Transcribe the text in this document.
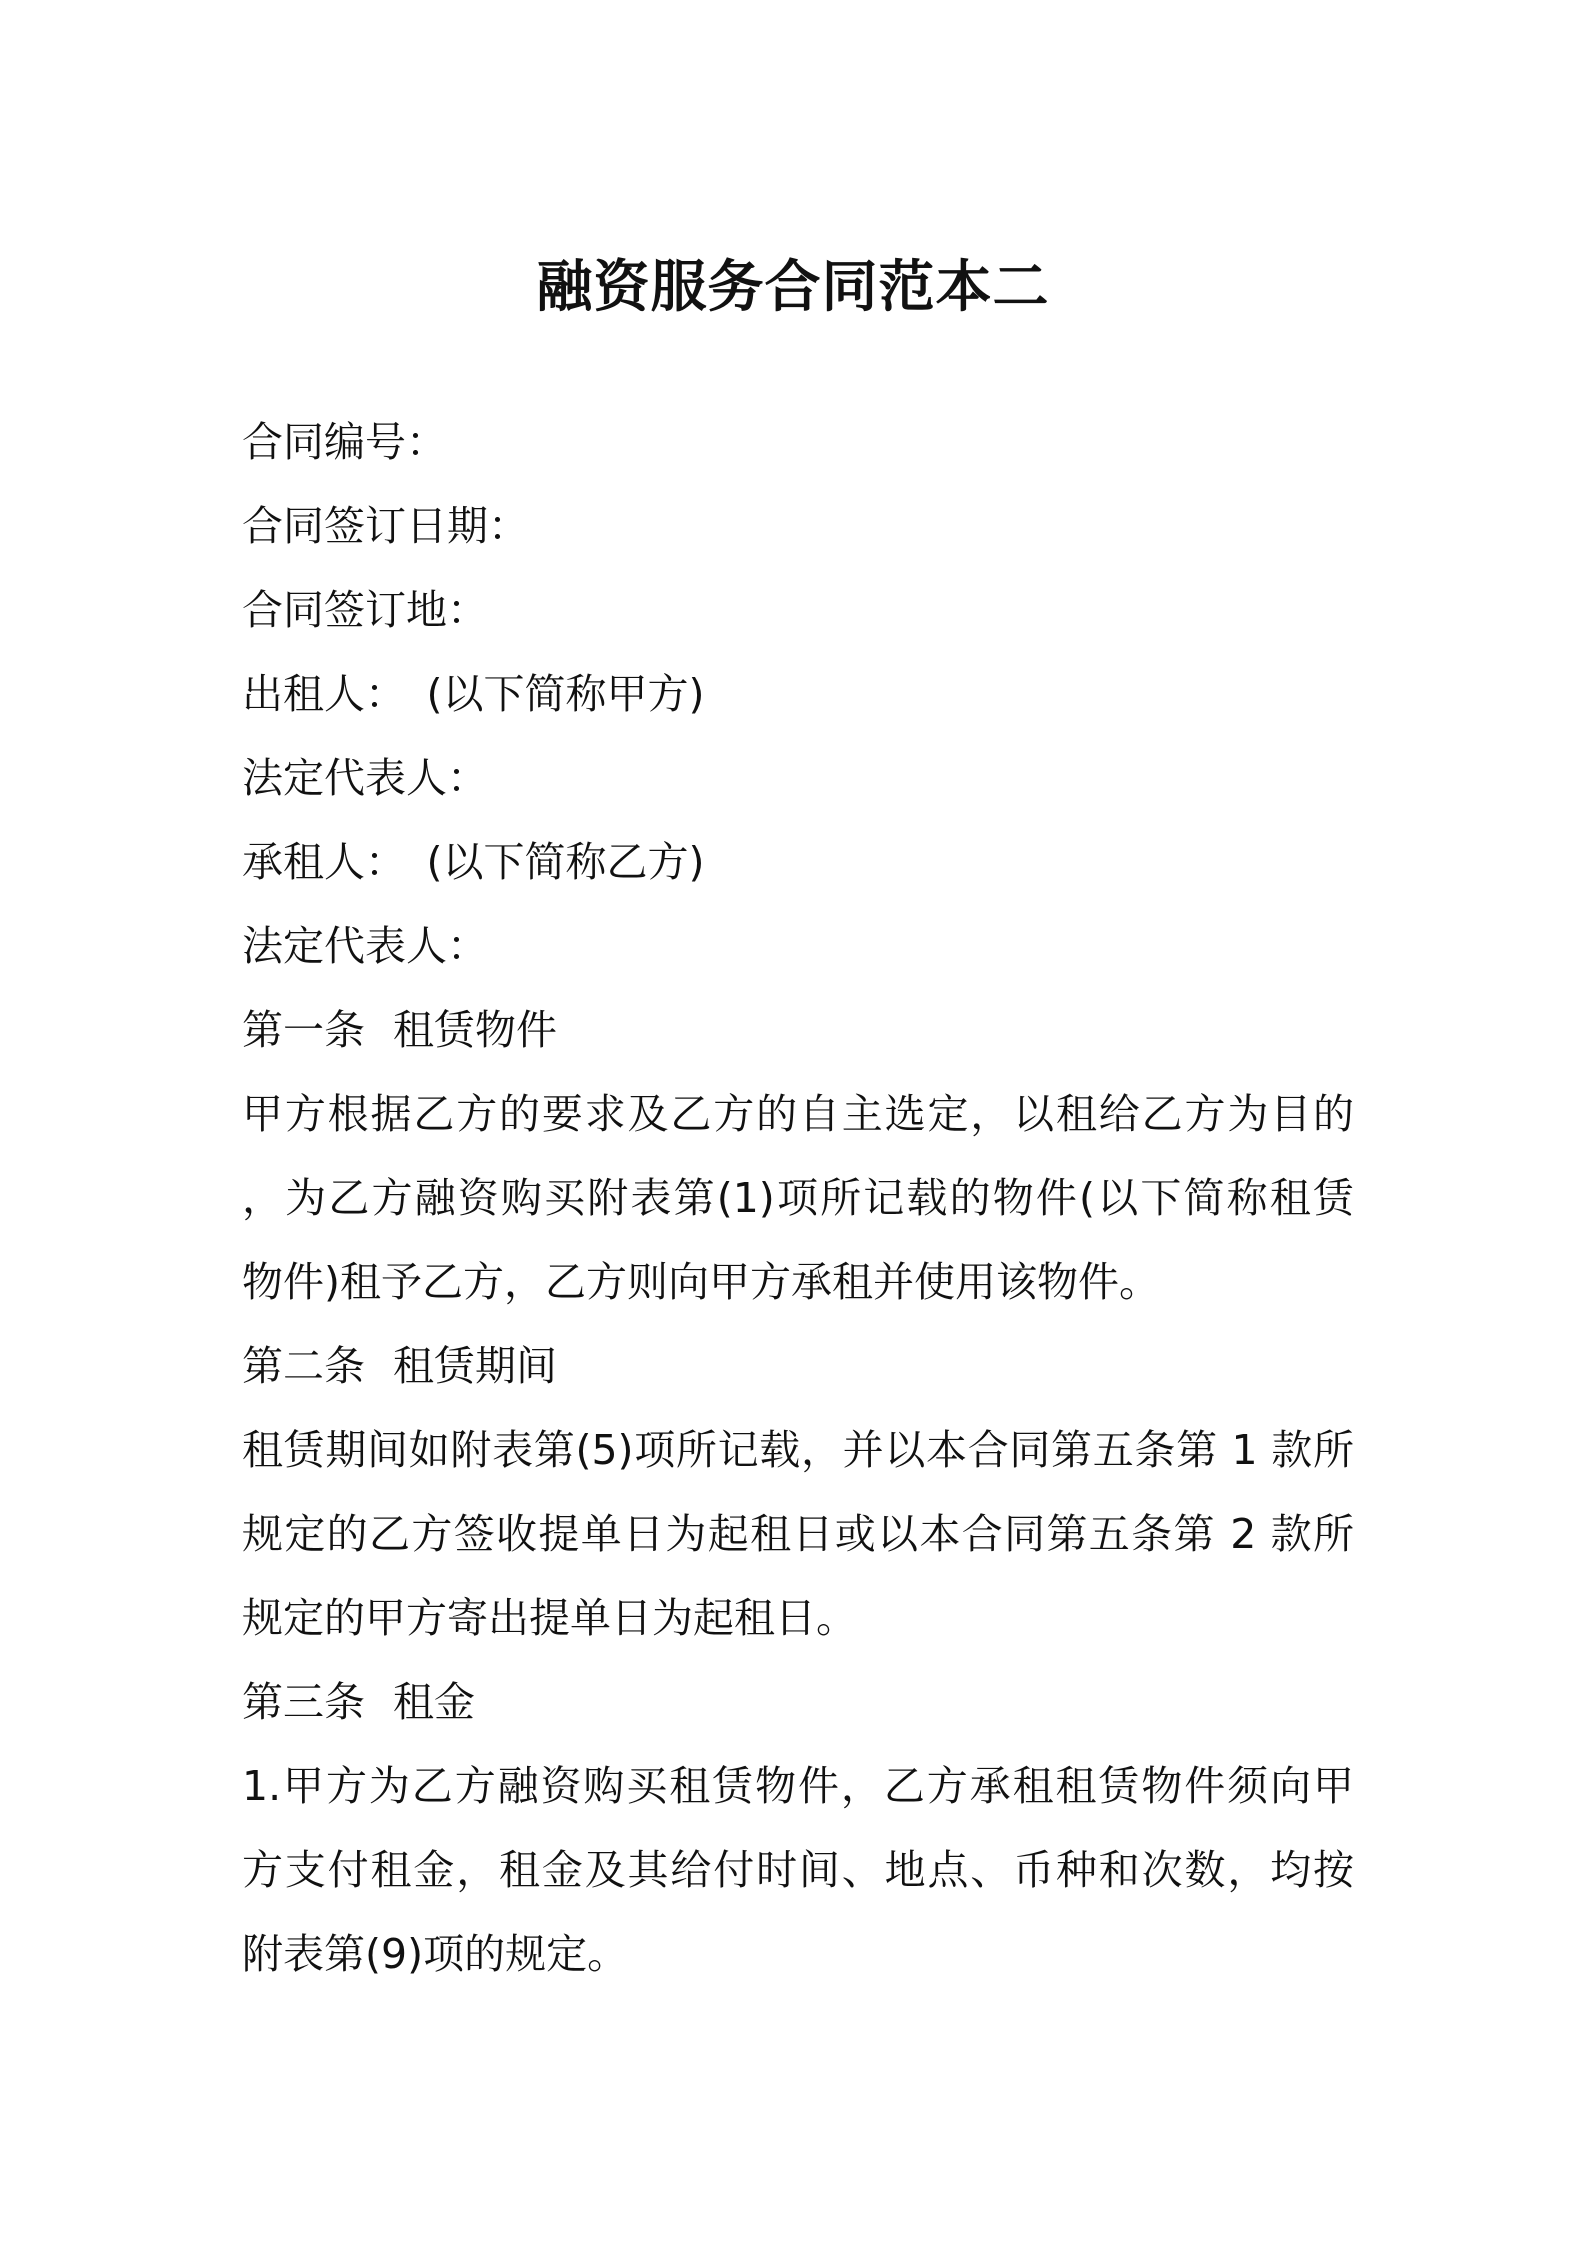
融资服务合同范本二
合同编号：
合同签订日期：
合同签订地：
出租人：　(以下简称甲方)
法定代表人：
承租人：　(以下简称乙方)
法定代表人：
第一条 租赁物件
甲方根据乙方的要求及乙方的自主选定，以租给乙方为目的
，为乙方融资购买附表第(1)项所记载的物件(以下简称租赁
物件)租予乙方，乙方则向甲方承租并使用该物件。
第二条 租赁期间
租赁期间如附表第(5)项所记载，并以本合同第五条第 1 款所
规定的乙方签收提单日为起租日或以本合同第五条第 2 款所
规定的甲方寄出提单日为起租日。
第三条 租金
1.甲方为乙方融资购买租赁物件，乙方承租租赁物件须向甲
方支付租金，租金及其给付时间、地点、币种和次数，均按
附表第(9)项的规定。
